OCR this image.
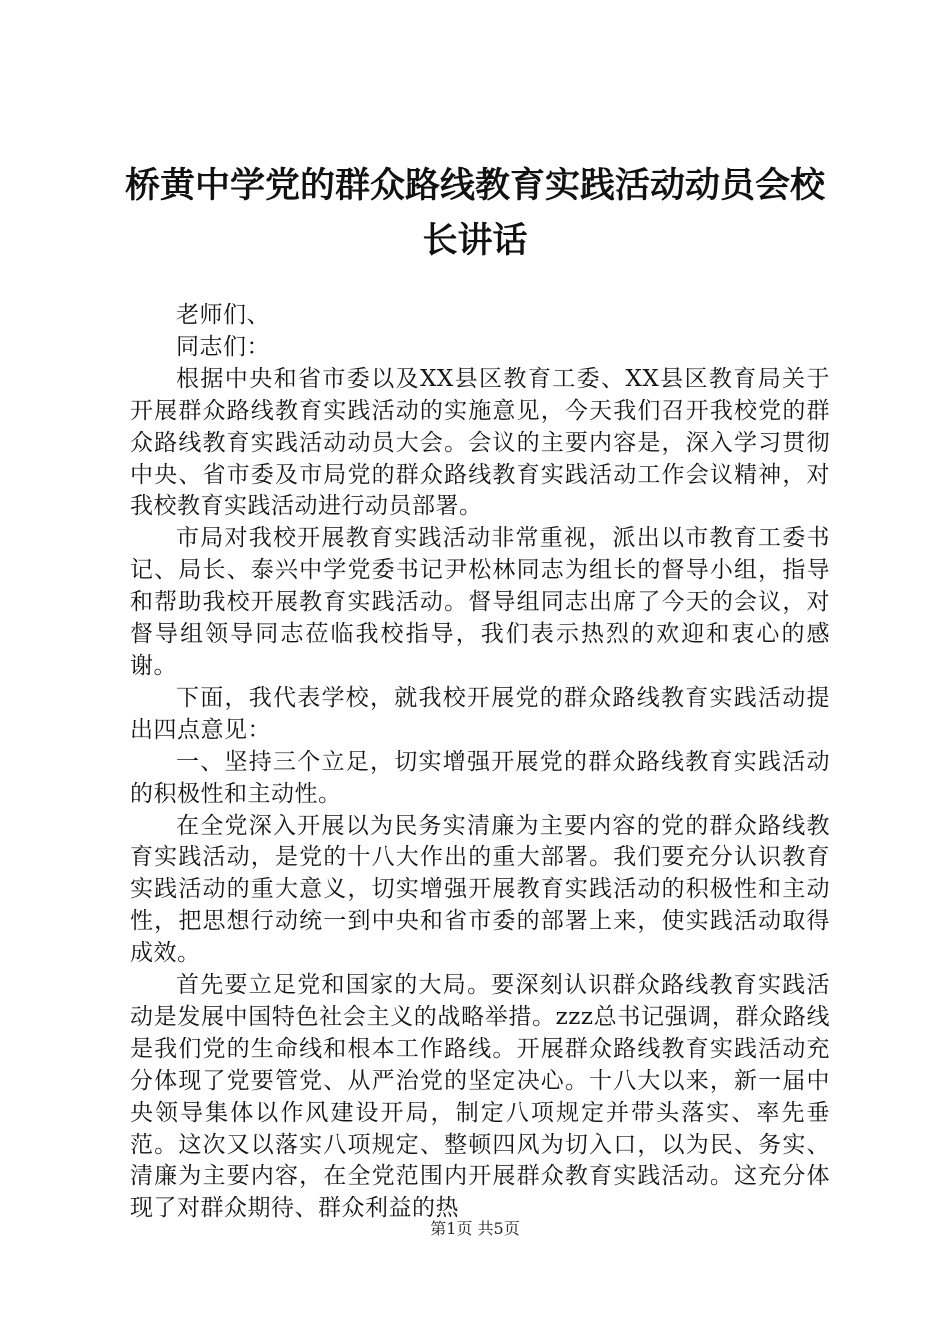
桥黄中学党的群众路线教育实践活动动员会校
长讲话

老师们、

同志们：

根据中央和省市委以及XX县区教育工委、XX县区教育局关于开展群众路线教育实践活动的实施意见，今天我们召开我校党的群众路线教育实践活动动员大会。会议的主要内容是，深入学习贯彻中央、省市委及市局党的群众路线教育实践活动工作会议精神，对我校教育实践活动进行动员部署。

市局对我校开展教育实践活动非常重视，派出以市教育工委书记、局长、泰兴中学党委书记尹松林同志为组长的督导小组，指导和帮助我校开展教育实践活动。督导组同志出席了今天的会议，对督导组领导同志莅临我校指导，我们表示热烈的欢迎和衷心的感谢。

下面，我代表学校，就我校开展党的群众路线教育实践活动提出四点意见：

一、坚持三个立足，切实增强开展党的群众路线教育实践活动的积极性和主动性。

在全党深入开展以为民务实清廉为主要内容的党的群众路线教育实践活动，是党的十八大作出的重大部署。我们要充分认识教育实践活动的重大意义，切实增强开展教育实践活动的积极性和主动性，把思想行动统一到中央和省市委的部署上来，使实践活动取得成效。

首先要立足党和国家的大局。要深刻认识群众路线教育实践活动是发展中国特色社会主义的战略举措。zzz总书记强调，群众路线是我们党的生命线和根本工作路线。开展群众路线教育实践活动充分体现了党要管党、从严治党的坚定决心。十八大以来，新一届中央领导集体以作风建设开局，制定八项规定并带头落实、率先垂范。这次又以落实八项规定、整顿四风为切入口，以为民、务实、清廉为主要内容，在全党范围内开展群众教育实践活动。这充分体现了对群众期待、群众利益的热

第1页 共5页
